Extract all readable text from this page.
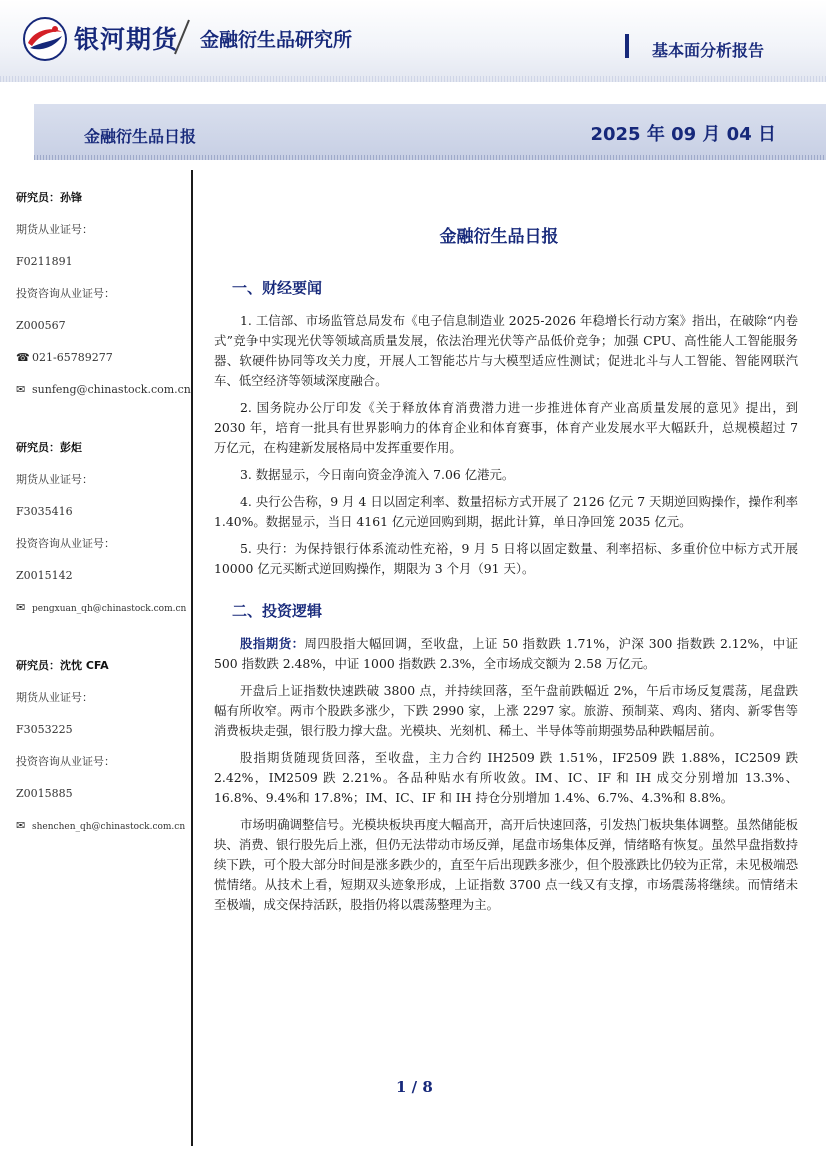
银河期货 金融衍生品研究所	基本面分析报告
金融衍生品日报	2025 年 09 月 04 日
研究员：孙锋
期货从业证号：
F0211891
投资咨询从业证号：
Z000567
☎ 021-65789277
✉ sunfeng@chinastock.com.cn
研究员：彭炬
期货从业证号：
F3035416
投资咨询从业证号：
Z0015142
✉ pengxuan_qh@chinastock.com.cn
研究员：沈忱 CFA
期货从业证号：
F3053225
投资咨询从业证号：
Z0015885
✉ shenchen_qh@chinastock.com.cn
金融衍生品日报
一、财经要闻

1. 工信部、市场监管总局发布《电子信息制造业 2025-2026 年稳增长行动方案》指出，在破除“内卷式”竞争中实现光伏等领域高质量发展，依法治理光伏等产品低价竞争；加强 CPU、高性能人工智能服务器、软硬件协同等攻关力度，开展人工智能芯片与大模型适应性测试；促进北斗与人工智能、智能网联汽车、低空经济等领域深度融合。

2. 国务院办公厅印发《关于释放体育消费潜力进一步推进体育产业高质量发展的意见》提出，到 2030 年，培育一批具有世界影响力的体育企业和体育赛事，体育产业发展水平大幅跃升，总规模超过 7 万亿元，在构建新发展格局中发挥重要作用。

3. 数据显示，今日南向资金净流入 7.06 亿港元。

4. 央行公告称，9 月 4 日以固定利率、数量招标方式开展了 2126 亿元 7 天期逆回购操作，操作利率 1.40%。数据显示，当日 4161 亿元逆回购到期，据此计算，单日净回笼 2035 亿元。

5. 央行：为保持银行体系流动性充裕，9 月 5 日将以固定数量、利率招标、多重价位中标方式开展 10000 亿元买断式逆回购操作，期限为 3 个月（91 天）。

二、投资逻辑

股指期货：周四股指大幅回调，至收盘，上证 50 指数跌 1.71%，沪深 300 指数跌 2.12%，中证 500 指数跌 2.48%，中证 1000 指数跌 2.3%，全市场成交额为 2.58 万亿元。

开盘后上证指数快速跌破 3800 点，并持续回落，至午盘前跌幅近 2%，午后市场反复震荡，尾盘跌幅有所收窄。两市个股跌多涨少，下跌 2990 家，上涨 2297 家。旅游、预制菜、鸡肉、猪肉、新零售等消费板块走强，银行股力撑大盘。光模块、光刻机、稀土、半导体等前期强势品种跌幅居前。

股指期货随现货回落，至收盘，主力合约 IH2509 跌 1.51%，IF2509 跌 1.88%，IC2509 跌 2.42%，IM2509 跌 2.21%。各品种贴水有所收敛。IM、IC、IF 和 IH 成交分别增加 13.3%、16.8%、9.4%和 17.8%；IM、IC、IF 和 IH 持仓分别增加 1.4%、6.7%、4.3%和 8.8%。

市场明确调整信号。光模块板块再度大幅高开，高开后快速回落，引发热门板块集体调整。虽然储能板块、消费、银行股先后上涨，但仍无法带动市场反弹，尾盘市场集体反弹，情绪略有恢复。虽然早盘指数持续下跌，可个股大部分时间是涨多跌少的，直至午后出现跌多涨少，但个股涨跌比仍较为正常，未见极端恐慌情绪。从技术上看，短期双头迹象形成，上证指数 3700 点一线又有支撑，市场震荡将继续。而情绪未至极端，成交保持活跃，股指仍将以震荡整理为主。

1 / 8
